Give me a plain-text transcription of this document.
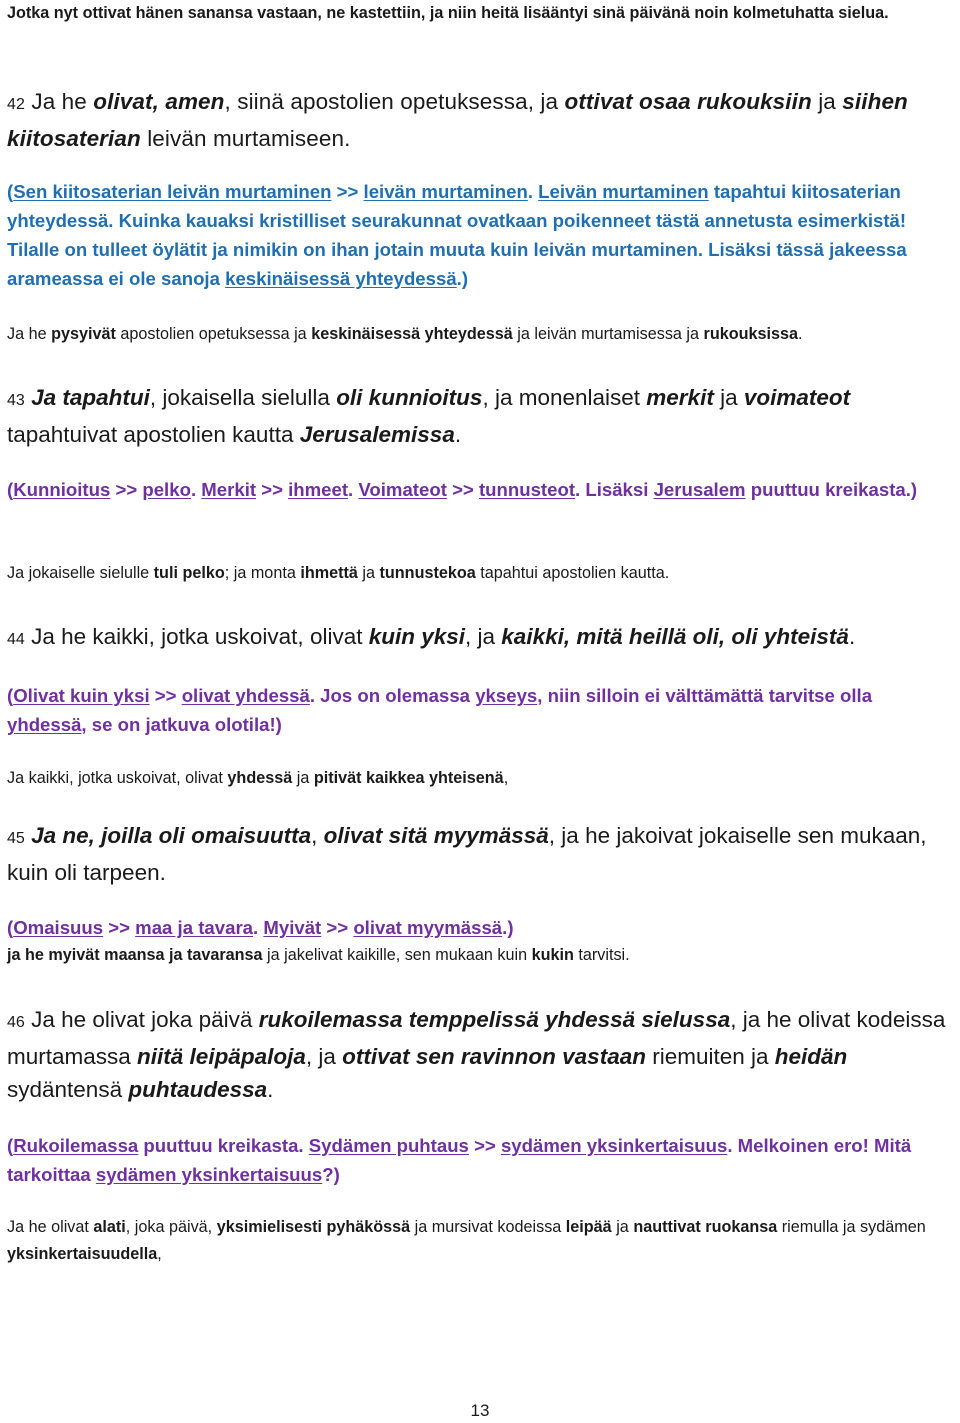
Jotka nyt ottivat hänen sanansa vastaan, ne kastettiin, ja niin heitä lisääntyi sinä päivänä noin kolmetuhatta sielua.

42 Ja he olivat, amen, siinä apostolien opetuksessa, ja ottivat osaa rukouksiin ja siihen kiitosaterian leivän murtamiseen.

(Sen kiitosaterian leivän murtaminen >> leivän murtaminen. Leivän murtaminen tapahtui kiitosaterian yhteydessä. Kuinka kauaksi kristilliset seurakunnat ovatkaan poikenneet tästä annetusta esimerkistä! Tilalle on tulleet öylätit ja nimikin on ihan jotain muuta kuin leivän murtaminen. Lisäksi tässä jakeessa arameassa ei ole sanoja keskinäisessä yhteydessä.)

Ja he pysyivät apostolien opetuksessa ja keskinäisessä yhteydessä ja leivän murtamisessa ja rukouksissa.

43 Ja tapahtui, jokaisella sielulla oli kunnioitus, ja monenlaiset merkit ja voimateot tapahtuivat apostolien kautta Jerusalemissa.

(Kunnioitus >> pelko. Merkit >> ihmeet. Voimateot >> tunnusteot. Lisäksi Jerusalem puuttuu kreikasta.)

Ja jokaiselle sielulle tuli pelko; ja monta ihmettä ja tunnustekoa tapahtui apostolien kautta.

44 Ja he kaikki, jotka uskoivat, olivat kuin yksi, ja kaikki, mitä heillä oli, oli yhteistä.

(Olivat kuin yksi >> olivat yhdessä. Jos on olemassa ykseys, niin silloin ei välttämättä tarvitse olla yhdessä, se on jatkuva olotila!)

Ja kaikki, jotka uskoivat, olivat yhdessä ja pitivät kaikkea yhteisenä,

45 Ja ne, joilla oli omaisuutta, olivat sitä myymässä, ja he jakoivat jokaiselle sen mukaan, kuin oli tarpeen.

(Omaisuus >> maa ja tavara. Myivät >> olivat myymässä.)

ja he myivät maansa ja tavaransa ja jakelivat kaikille, sen mukaan kuin kukin tarvitsi.

46 Ja he olivat joka päivä rukoilemassa temppelissä yhdessä sielussa, ja he olivat kodeissa murtamassa niitä leipäpaloja, ja ottivat sen ravinnon vastaan riemuiten ja heidän sydäntensä puhtaudessa.

(Rukoilemassa puuttuu kreikasta. Sydämen puhtaus >> sydämen yksinkertaisuus. Melkoinen ero! Mitä tarkoittaa sydämen yksinkertaisuus?)

Ja he olivat alati, joka päivä, yksimielisesti pyhäkössä ja mursivat kodeissa leipää ja nauttivat ruokansa riemulla ja sydämen yksinkertaisuudella,

13
